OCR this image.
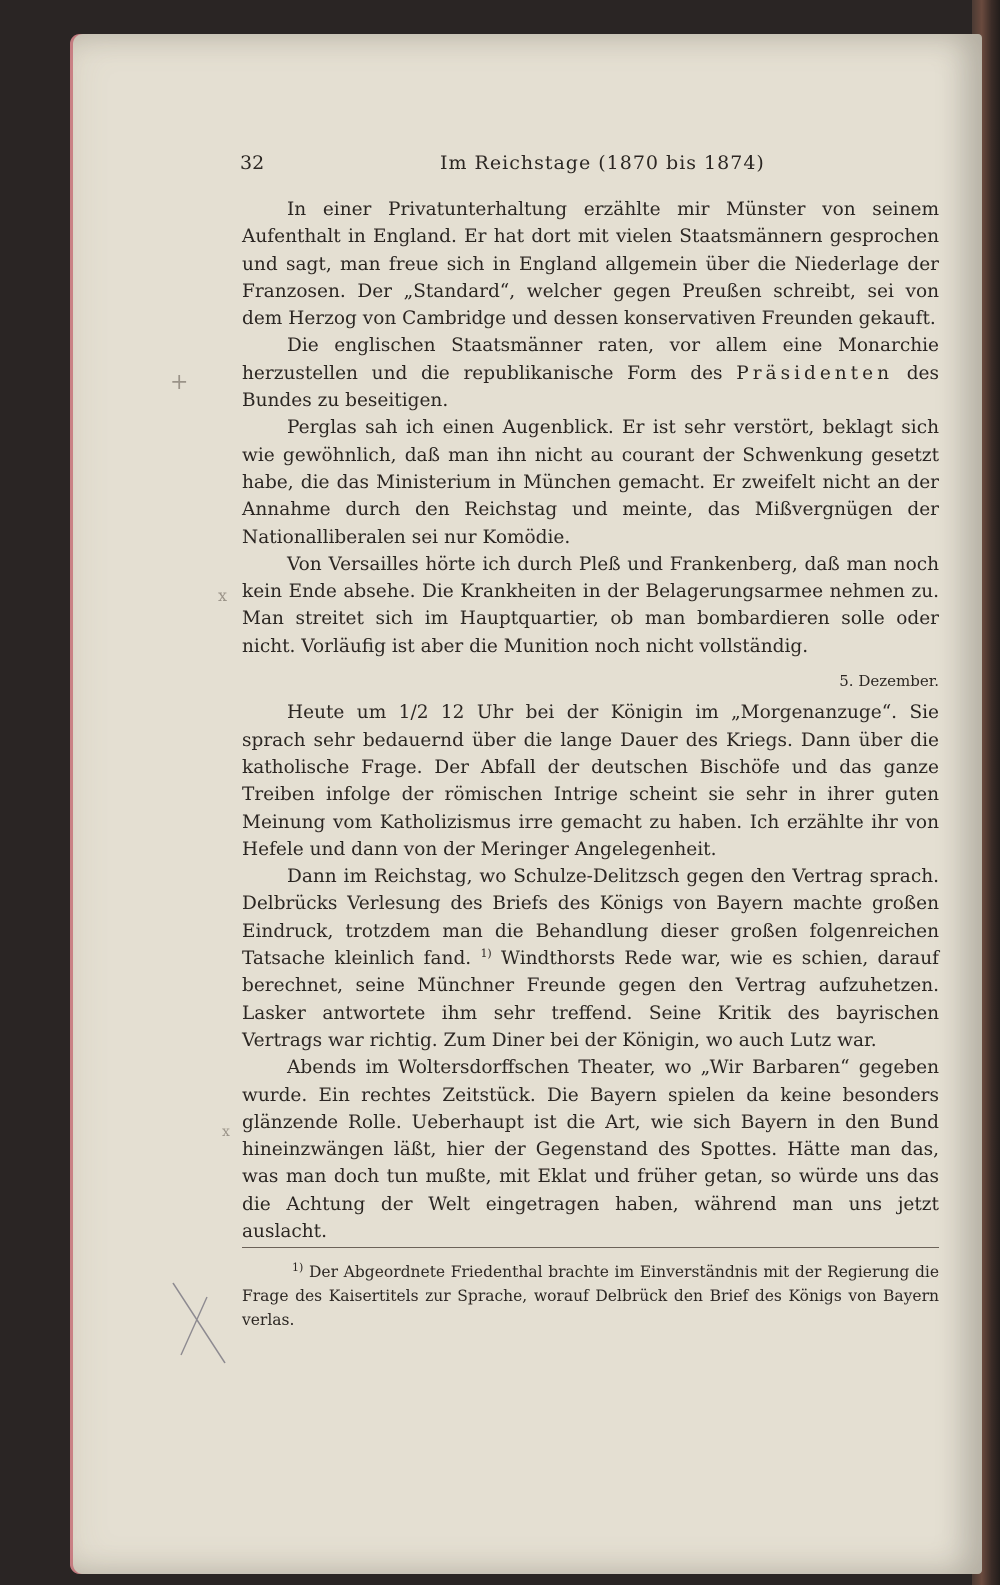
+
x
x
32	Im Reichstage (1870 bis 1874)

In einer Privatunterhaltung erzählte mir Münster von seinem Aufenthalt in England. Er hat dort mit vielen Staatsmännern gesprochen und sagt, man freue sich in England allgemein über die Niederlage der Franzosen. Der „Standard“, welcher gegen Preußen schreibt, sei von dem Herzog von Cambridge und dessen konservativen Freunden gekauft.

Die englischen Staatsmänner raten, vor allem eine Monarchie herzustellen und die republikanische Form des Präsidenten des Bundes zu beseitigen.

Perglas sah ich einen Augenblick. Er ist sehr verstört, beklagt sich wie gewöhnlich, daß man ihn nicht au courant der Schwenkung gesetzt habe, die das Ministerium in München gemacht. Er zweifelt nicht an der Annahme durch den Reichstag und meinte, das Mißvergnügen der Nationalliberalen sei nur Komödie.

Von Versailles hörte ich durch Pleß und Frankenberg, daß man noch kein Ende absehe. Die Krankheiten in der Belagerungsarmee nehmen zu. Man streitet sich im Hauptquartier, ob man bombardieren solle oder nicht. Vorläufig ist aber die Munition noch nicht vollständig.

5. Dezember.

Heute um 1/2 12 Uhr bei der Königin im „Morgenanzuge“. Sie sprach sehr bedauernd über die lange Dauer des Kriegs. Dann über die katholische Frage. Der Abfall der deutschen Bischöfe und das ganze Treiben infolge der römischen Intrige scheint sie sehr in ihrer guten Meinung vom Katholizismus irre gemacht zu haben. Ich erzählte ihr von Hefele und dann von der Meringer Angelegenheit.

Dann im Reichstag, wo Schulze-Delitzsch gegen den Vertrag sprach. Delbrücks Verlesung des Briefs des Königs von Bayern machte großen Eindruck, trotzdem man die Behandlung dieser großen folgenreichen Tatsache kleinlich fand. $^{1)}$ Windthorsts Rede war, wie es schien, darauf berechnet, seine Münchner Freunde gegen den Vertrag aufzuhetzen. Lasker antwortete ihm sehr treffend. Seine Kritik des bayrischen Vertrags war richtig. Zum Diner bei der Königin, wo auch Lutz war.

Abends im Woltersdorffschen Theater, wo „Wir Barbaren“ gegeben wurde. Ein rechtes Zeitstück. Die Bayern spielen da keine besonders glänzende Rolle. Ueberhaupt ist die Art, wie sich Bayern in den Bund hineinzwängen läßt, hier der Gegenstand des Spottes. Hätte man das, was man doch tun mußte, mit Eklat und früher getan, so würde uns das die Achtung der Welt eingetragen haben, während man uns jetzt auslacht.

$^{1)}$ Der Abgeordnete Friedenthal brachte im Einverständnis mit der Regierung die Frage des Kaisertitels zur Sprache, worauf Delbrück den Brief des Königs von Bayern verlas.
